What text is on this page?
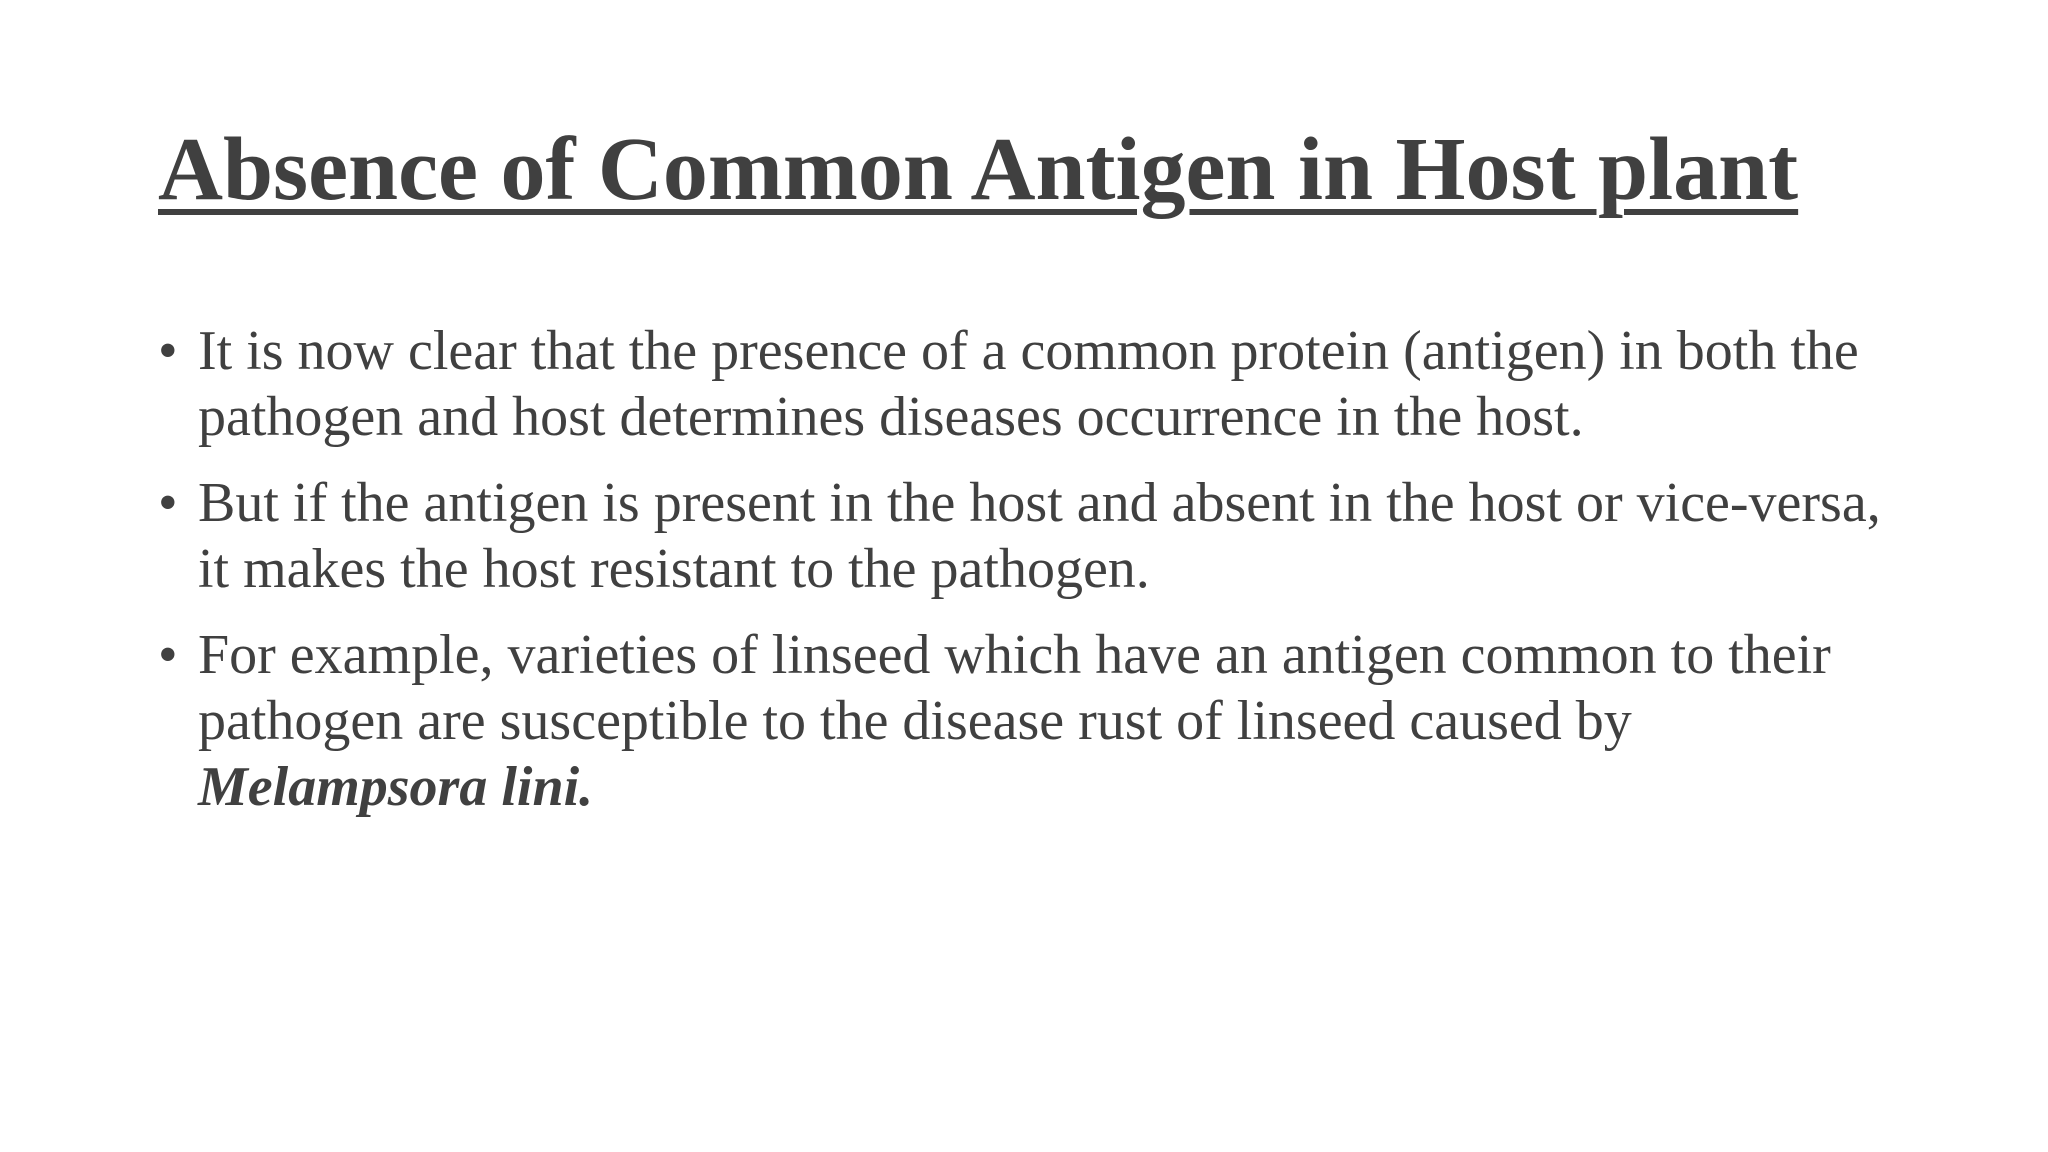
Absence of Common Antigen in Host plant
• It is now clear that the presence of a common protein (antigen) in both the pathogen and host determines diseases occurrence in the host.
• But if the antigen is present in the host and absent in the host or vice-versa, it makes the host resistant to the pathogen.
• For example, varieties of linseed which have an antigen common to their pathogen are susceptible to the disease rust of linseed caused by Melampsora lini.
